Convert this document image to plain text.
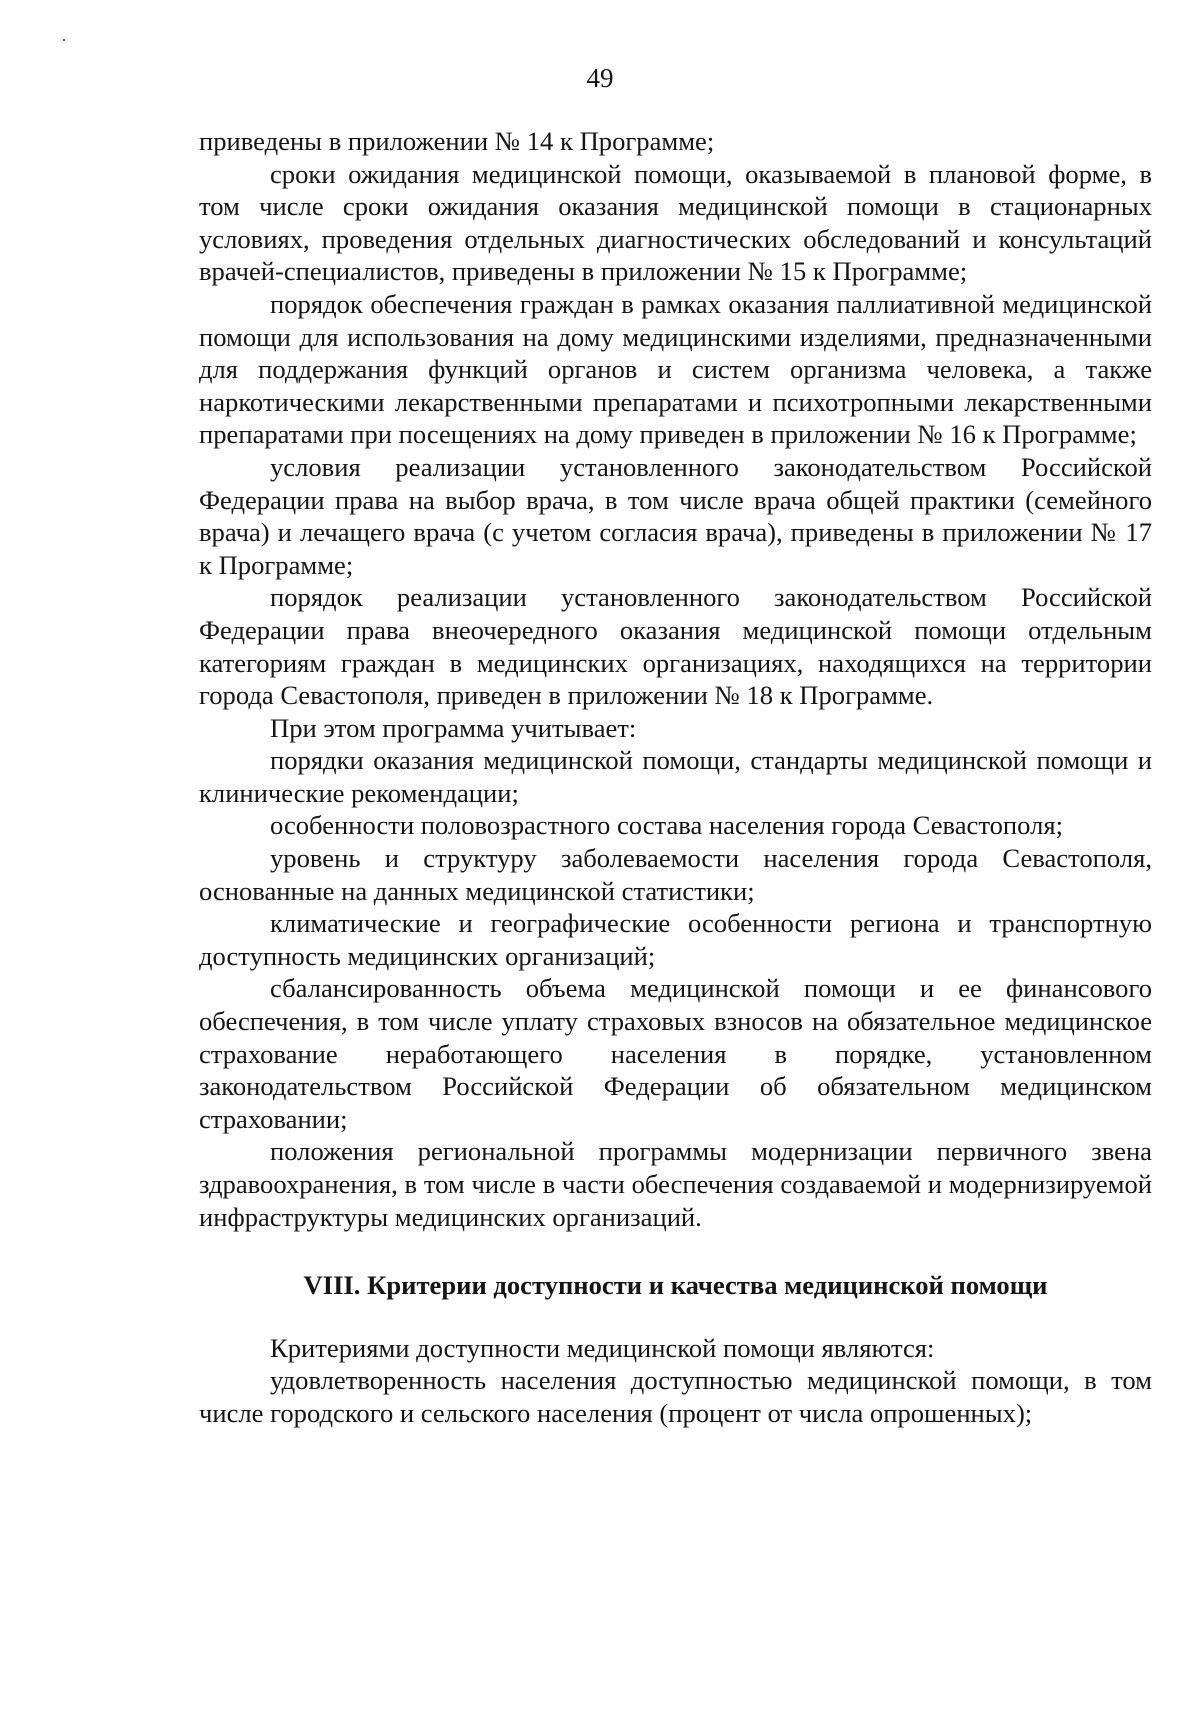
49

приведены в приложении № 14 к Программе;

сроки ожидания медицинской помощи, оказываемой в плановой форме, в том числе сроки ожидания оказания медицинской помощи в стационарных условиях, проведения отдельных диагностических обследований и консультаций врачей-специалистов, приведены в приложении № 15 к Программе;

порядок обеспечения граждан в рамках оказания паллиативной медицинской помощи для использования на дому медицинскими изделиями, предназначенными для поддержания функций органов и систем организма человека, а также наркотическими лекарственными препаратами и психотропными лекарственными препаратами при посещениях на дому приведен в приложении № 16 к Программе;

условия реализации установленного законодательством Российской Федерации права на выбор врача, в том числе врача общей практики (семейного врача) и лечащего врача (с учетом согласия врача), приведены в приложении № 17 к Программе;

порядок реализации установленного законодательством Российской Федерации права внеочередного оказания медицинской помощи отдельным категориям граждан в медицинских организациях, находящихся на территории города Севастополя, приведен в приложении № 18 к Программе.

При этом программа учитывает:

порядки оказания медицинской помощи, стандарты медицинской помощи и клинические рекомендации;

особенности половозрастного состава населения города Севастополя;

уровень и структуру заболеваемости населения города Севастополя, основанные на данных медицинской статистики;

климатические и географические особенности региона и транспортную доступность медицинских организаций;

сбалансированность объема медицинской помощи и ее финансового обеспечения, в том числе уплату страховых взносов на обязательное медицинское страхование неработающего населения в порядке, установленном законодательством Российской Федерации об обязательном медицинском страховании;

положения региональной программы модернизации первичного звена здравоохранения, в том числе в части обеспечения создаваемой и модернизируемой инфраструктуры медицинских организаций.

VIII. Критерии доступности и качества медицинской помощи

Критериями доступности медицинской помощи являются:

удовлетворенность населения доступностью медицинской помощи, в том числе городского и сельского населения (процент от числа опрошенных);
